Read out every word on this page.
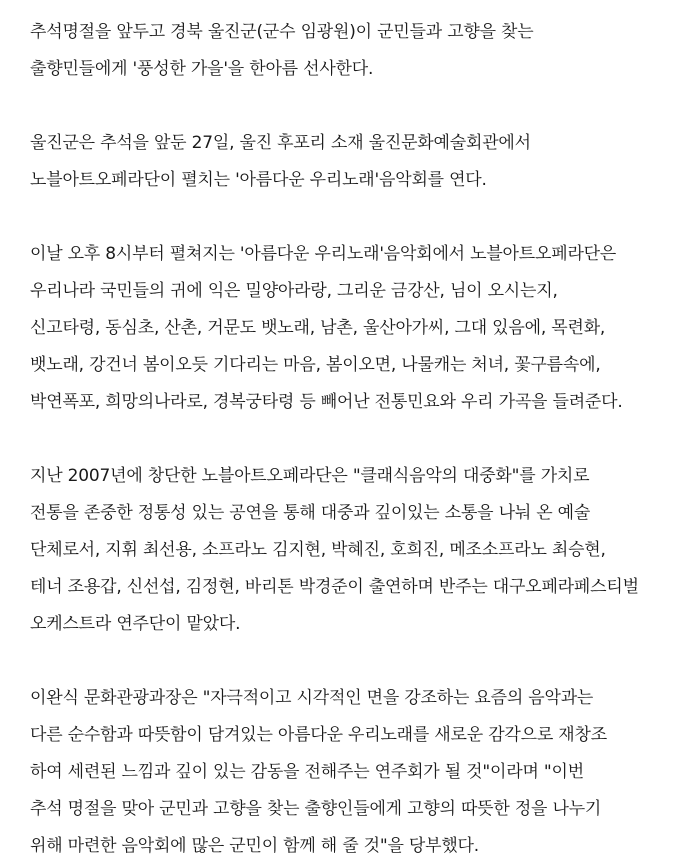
추석명절을 앞두고 경북 울진군(군수 임광원)이 군민들과 고향을 찾는
출향민들에게 '풍성한 가을'을 한아름 선사한다.

울진군은 추석을 앞둔 27일, 울진 후포리 소재 울진문화예술회관에서
노블아트오페라단이 펼치는 '아름다운 우리노래'음악회를 연다.

이날 오후 8시부터 펼쳐지는 '아름다운 우리노래'음악회에서 노블아트오페라단은
우리나라 국민들의 귀에 익은 밀양아라랑, 그리운 금강산, 님이 오시는지,
신고타령, 동심초, 산촌, 거문도 뱃노래, 남촌, 울산아가씨, 그대 있음에, 목련화,
뱃노래, 강건너 봄이오듯 기다리는 마음, 봄이오면, 나물캐는 처녀, 꽃구름속에,
박연폭포, 희망의나라로, 경복궁타령 등 빼어난 전통민요와 우리 가곡을 들려준다.

지난 2007년에 창단한 노블아트오페라단은 "클래식음악의 대중화"를 가치로
전통을 존중한 정통성 있는 공연을 통해 대중과 깊이있는 소통을 나눠 온 예술
단체로서, 지휘 최선용, 소프라노 김지현, 박혜진, 호희진, 메조소프라노 최승현,
테너 조용갑, 신선섭, 김정현, 바리톤 박경준이 출연하며 반주는 대구오페라페스티벌
오케스트라 연주단이 맡았다.

이완식 문화관광과장은 "자극적이고 시각적인 면을 강조하는 요즘의 음악과는
다른 순수함과 따뜻함이 담겨있는 아름다운 우리노래를 새로운 감각으로 재창조
하여 세련된 느낌과 깊이 있는 감동을 전해주는 연주회가 될 것"이라며 "이번
추석 명절을 맞아 군민과 고향을 찾는 출향인들에게 고향의 따뜻한 정을 나누기
위해 마련한 음악회에 많은 군민이 함께 해 줄 것"을 당부했다.
